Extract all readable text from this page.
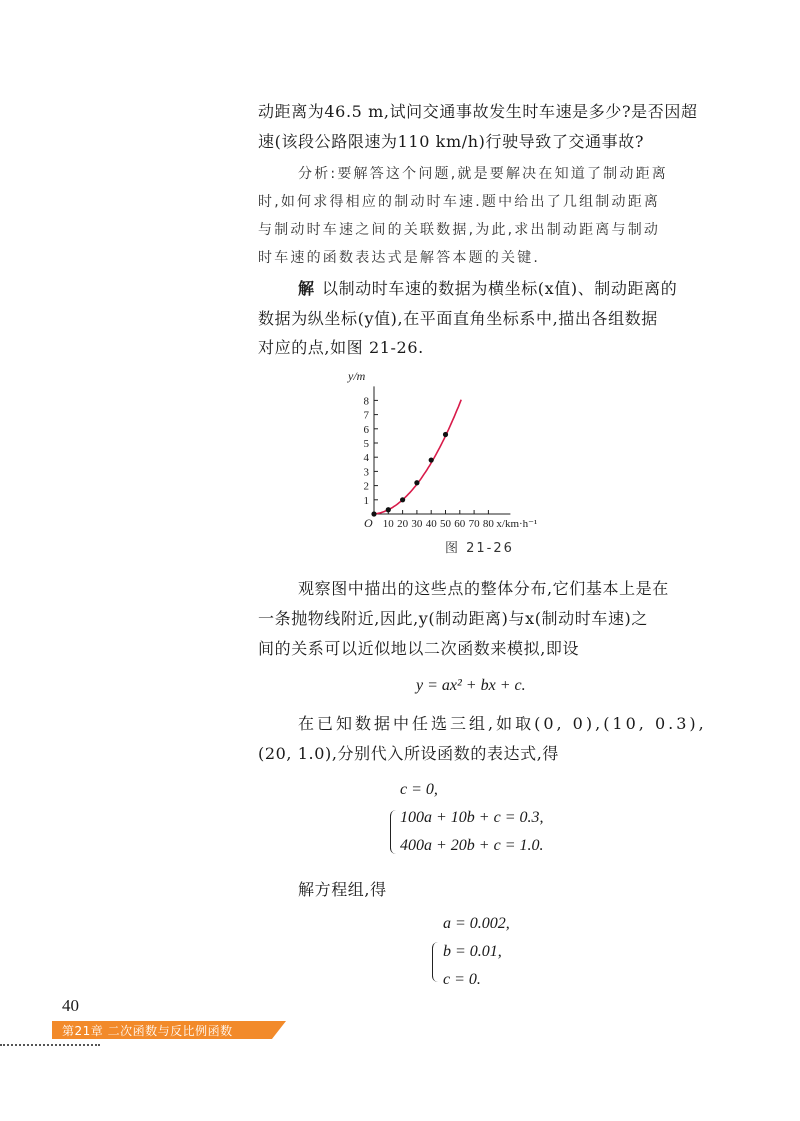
动距离为46.5 m,试问交通事故发生时车速是多少?是否因超
速(该段公路限速为110 km/h)行驶导致了交通事故?
分析:要解答这个问题,就是要解决在知道了制动距离
时,如何求得相应的制动时车速.题中给出了几组制动距离
与制动时车速之间的关联数据,为此,求出制动距离与制动
时车速的函数表达式是解答本题的关键.
解 以制动时车速的数据为横坐标(x值)、制动距离的
数据为纵坐标(y值),在平面直角坐标系中,描出各组数据
对应的点,如图 21-26.
10 20 30 40 50 60 70 80
1
2
3
4
5
6
7
8
y/m
x/km·h⁻¹
O
图 21-26
观察图中描出的这些点的整体分布,它们基本上是在
一条抛物线附近,因此,y(制动距离)与x(制动时车速)之
间的关系可以近似地以二次函数来模拟,即设
y = ax² + bx + c.
在已知数据中任选三组,如取(0, 0),(10, 0.3),
(20, 1.0),分别代入所设函数的表达式,得
c = 0,
100a + 10b + c = 0.3,
400a + 20b + c = 1.0.
解方程组,得
a = 0.002,
b = 0.01,
c = 0.
40
第21章 二次函数与反比例函数
